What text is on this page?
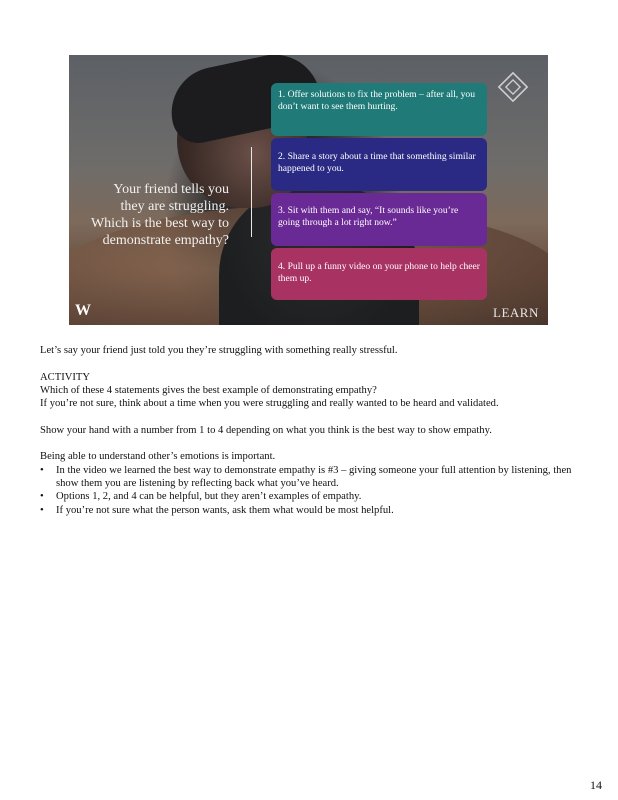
Your friend tells you they are struggling. Which is the best way to demonstrate empathy?
1. Offer solutions to fix the problem – after all, you don’t want to see them hurting.
2. Share a story about a time that something similar happened to you.
3. Sit with them and say, “It sounds like you’re going through a lot right now.”
4. Pull up a funny video on your phone to help cheer them up.
W	LEARN

Let’s say your friend just told you they’re struggling with something really stressful.

ACTIVITY

Which of these 4 statements gives the best example of demonstrating empathy?

If you’re not sure, think about a time when you were struggling and really wanted to be heard and validated.

Show your hand with a number from 1 to 4 depending on what you think is the best way to show empathy.

Being able to understand other’s emotions is important.

• In the video we learned the best way to demonstrate empathy is #3 – giving someone your full attention by listening, then show them you are listening by reflecting back what you’ve heard.
• Options 1, 2, and 4 can be helpful, but they aren’t examples of empathy.
• If you’re not sure what the person wants, ask them what would be most helpful.
14
